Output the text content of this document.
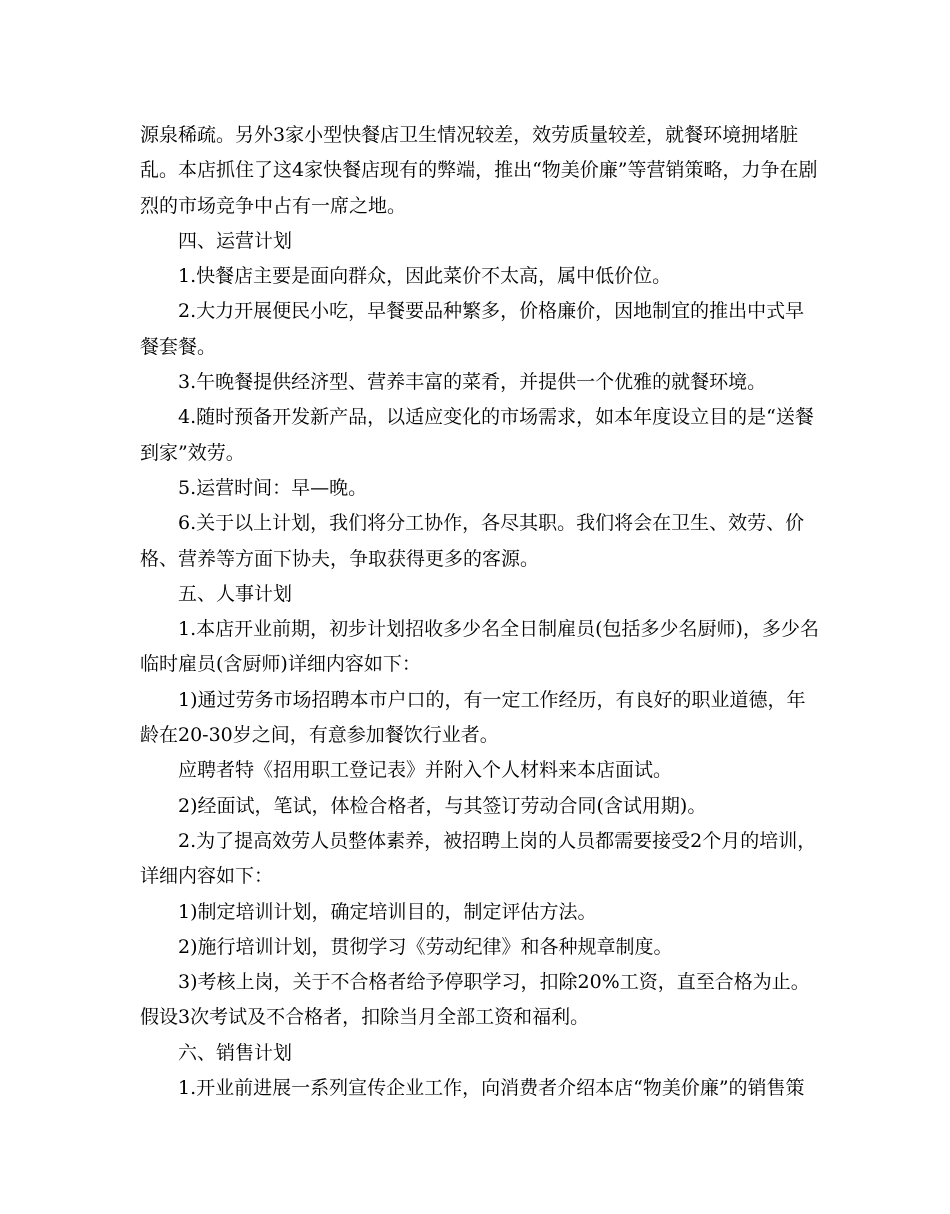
源泉稀疏。另外3家小型快餐店卫生情况较差，效劳质量较差，就餐环境拥堵脏乱。本店抓住了这4家快餐店现有的弊端，推出“物美价廉”等营销策略，力争在剧烈的市场竞争中占有一席之地。

四、运营计划

1.快餐店主要是面向群众，因此菜价不太高，属中低价位。

2.大力开展便民小吃，早餐要品种繁多，价格廉价，因地制宜的推出中式早餐套餐。

3.午晚餐提供经济型、营养丰富的菜肴，并提供一个优雅的就餐环境。

4.随时预备开发新产品，以适应变化的市场需求，如本年度设立目的是“送餐到家”效劳。

5.运营时间：早—晚。

6.关于以上计划，我们将分工协作，各尽其职。我们将会在卫生、效劳、价格、营养等方面下协夫，争取获得更多的客源。

五、人事计划

1.本店开业前期，初步计划招收多少名全日制雇员(包括多少名厨师)，多少名临时雇员(含厨师)详细内容如下：

1)通过劳务市场招聘本市户口的，有一定工作经历，有良好的职业道德，年龄在20-30岁之间，有意参加餐饮行业者。

应聘者特《招用职工登记表》并附入个人材料来本店面试。

2)经面试，笔试，体检合格者，与其签订劳动合同(含试用期)。

2.为了提高效劳人员整体素养，被招聘上岗的人员都需要接受2个月的培训，详细内容如下：

1)制定培训计划，确定培训目的，制定评估方法。

2)施行培训计划，贯彻学习《劳动纪律》和各种规章制度。

3)考核上岗，关于不合格者给予停职学习，扣除20%工资，直至合格为止。假设3次考试及不合格者，扣除当月全部工资和福利。

六、销售计划

1.开业前进展一系列宣传企业工作，向消费者介绍本店“物美价廉”的销售策
